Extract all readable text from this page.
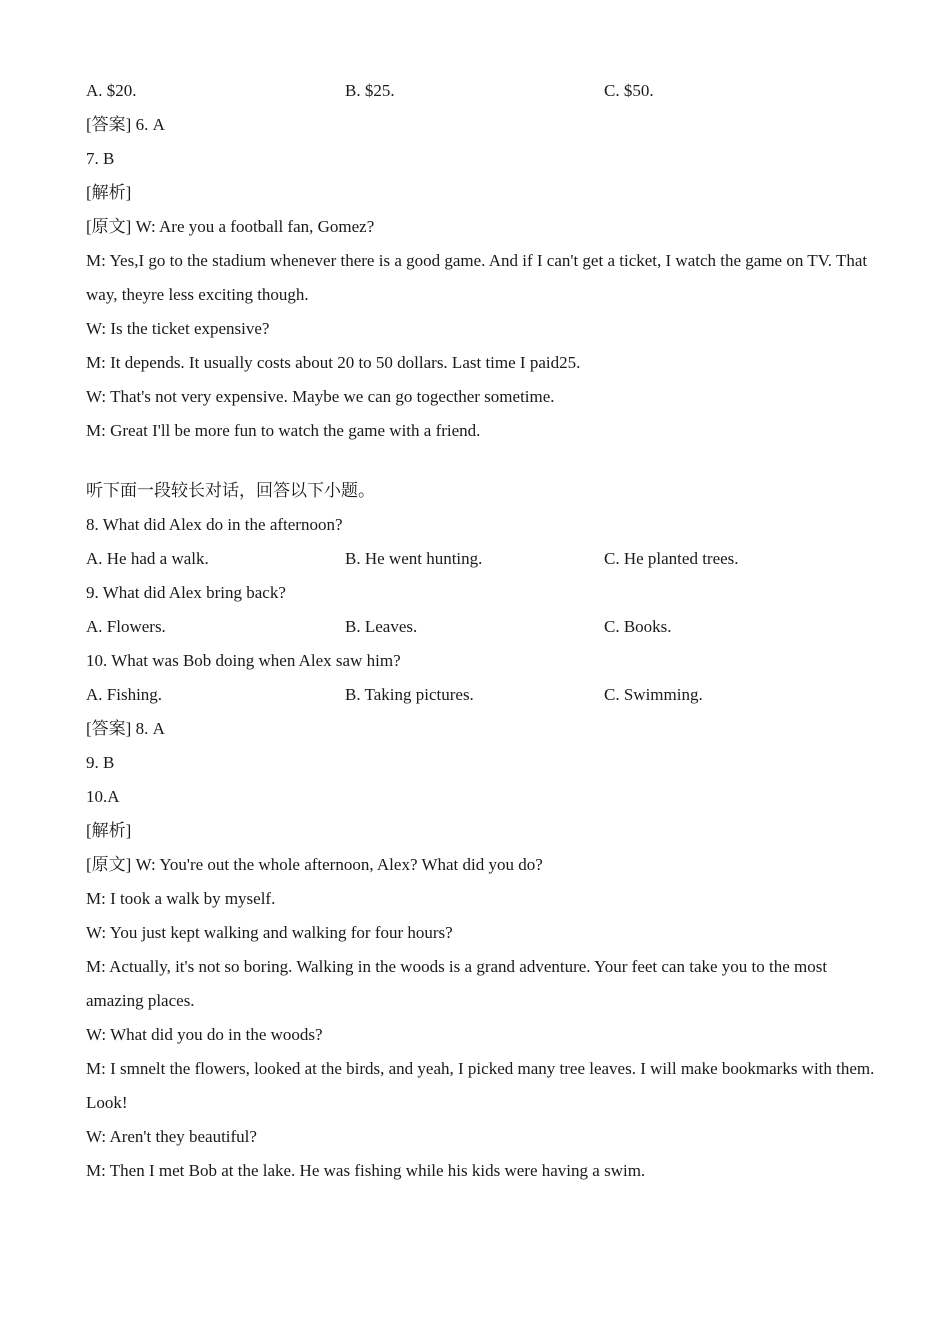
A. $20.	B. $25.	C. $50.
[答案] 6. A
7. B
[解析]
[原文] W: Are you a football fan, Gomez?
M: Yes,I go to the stadium whenever there is a good game. And if I can't get a ticket, I watch the game on TV. That way, theyre less exciting though.
W: Is the ticket expensive?
M: It depends. It usually costs about 20 to 50 dollars. Last time I paid25.
W: That's not very expensive. Maybe we can go togecther sometime.
M: Great I'll be more fun to watch the game with a friend.
听下面一段较长对话，回答以下小题。
8. What did Alex do in the afternoon?
A. He had a walk.	B. He went hunting.	C. He planted trees.
9. What did Alex bring back?
A. Flowers.	B. Leaves.	C. Books.
10. What was Bob doing when Alex saw him?
A. Fishing.	B. Taking pictures.	C. Swimming.
[答案] 8. A
9. B
10.A
[解析]
[原文] W: You're out the whole afternoon, Alex? What did you do?
M: I took a walk by myself.
W: You just kept walking and walking for four hours?
M: Actually, it's not so boring. Walking in the woods is a grand adventure. Your feet can take you to the most amazing places.
W: What did you do in the woods?
M: I smnelt the flowers, looked at the birds, and yeah, I picked many tree leaves. I will make bookmarks with them. Look!
W: Aren't they beautiful?
M: Then I met Bob at the lake. He was fishing while his kids were having a swim.
